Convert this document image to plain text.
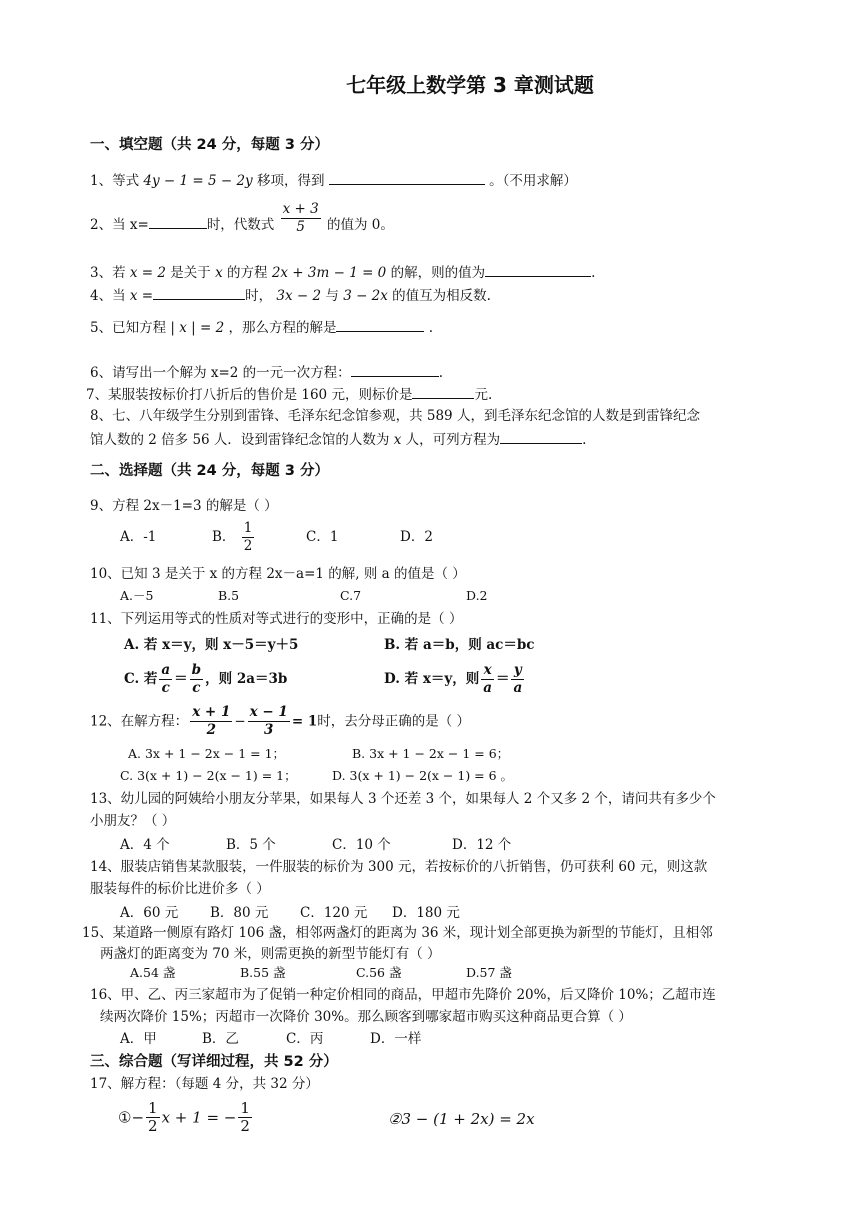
七年级上数学第 3 章测试题
一、填空题（共 24 分，每题 3 分）
1、等式 4y − 1 = 5 − 2y 移项，得到	。（不用求解）
2、当 x=	时，代数式 $\frac{x + 3}{5}$ 的值为 0。
3、若 x = 2 是关于 x 的方程 2x + 3m − 1 = 0 的解，则的值为	.
4、当 x =	时， 3x − 2 与 3 − 2x 的值互为相反数.
5、已知方程 | x | = 2 ，那么方程的解是	.
6、请写出一个解为 x=2 的一元一次方程：	.
7、某服装按标价打八折后的售价是 160 元，则标价是	元.
8、七、八年级学生分别到雷锋、毛泽东纪念馆参观，共 589 人，到毛泽东纪念馆的人数是到雷锋纪念
馆人数的 2 倍多 56 人．设到雷锋纪念馆的人数为 x 人，可列方程为	.
二、选择题（共 24 分，每题 3 分）
9、方程 2x－1=3 的解是（ ）
A．-1	B． $\frac{1}{2}$	C．1	D．2
10、已知 3 是关于 x 的方程 2x－a=1 的解, 则 a 的值是（ ）
A.－5	B.5	C.7	D.2
11、下列运用等式的性质对等式进行的变形中，正确的是（ ）
A. 若 x＝y，则 x－5＝y＋5	B. 若 a＝b，则 ac＝bc
C. 若 $\frac{a}{c} = \frac{b}{c}$ ，则 2a＝3b	D. 若 x＝y，则 $\frac{x}{a} = \frac{y}{a}$
12、在解方程： $\frac{x + 1}{2} - \frac{x - 1}{3} = 1$时，去分母正确的是（ ）
A. 3x + 1 − 2x − 1 = 1；	B. 3x + 1 − 2x − 1 = 6；
C. 3(x + 1) − 2(x − 1) = 1；	D. 3(x + 1) − 2(x − 1) = 6 。
13、幼儿园的阿姨给小朋友分苹果，如果每人 3 个还差 3 个，如果每人 2 个又多 2 个，请问共有多少个
小朋友？（ ）
A．4 个	B．5 个	C．10 个	D．12 个
14、服装店销售某款服装，一件服装的标价为 300 元，若按标价的八折销售，仍可获利 60 元，则这款
服装每件的标价比进价多（ ）
A．60 元 B．80 元 C．120 元 D．180 元
15、某道路一侧原有路灯 106 盏，相邻两盏灯的距离为 36 米，现计划全部更换为新型的节能灯，且相邻
两盏灯的距离变为 70 米，则需更换的新型节能灯有（ ）
A.54 盏	B.55 盏	C.56 盏	D.57 盏
16、甲、乙、丙三家超市为了促销一种定价相同的商品，甲超市先降价 20%，后又降价 10%；乙超市连
续两次降价 15%；丙超市一次降价 30%。那么顾客到哪家超市购买这种商品更合算（ ）
A．甲	B．乙	C．丙	D．一样
三、综合题（写详细过程，共 52 分）
17、解方程：（每题 4 分，共 32 分）
①− $\frac{1}{2}$ x + 1 = − $\frac{1}{2}$	②3 − (1 + 2x) = 2x
